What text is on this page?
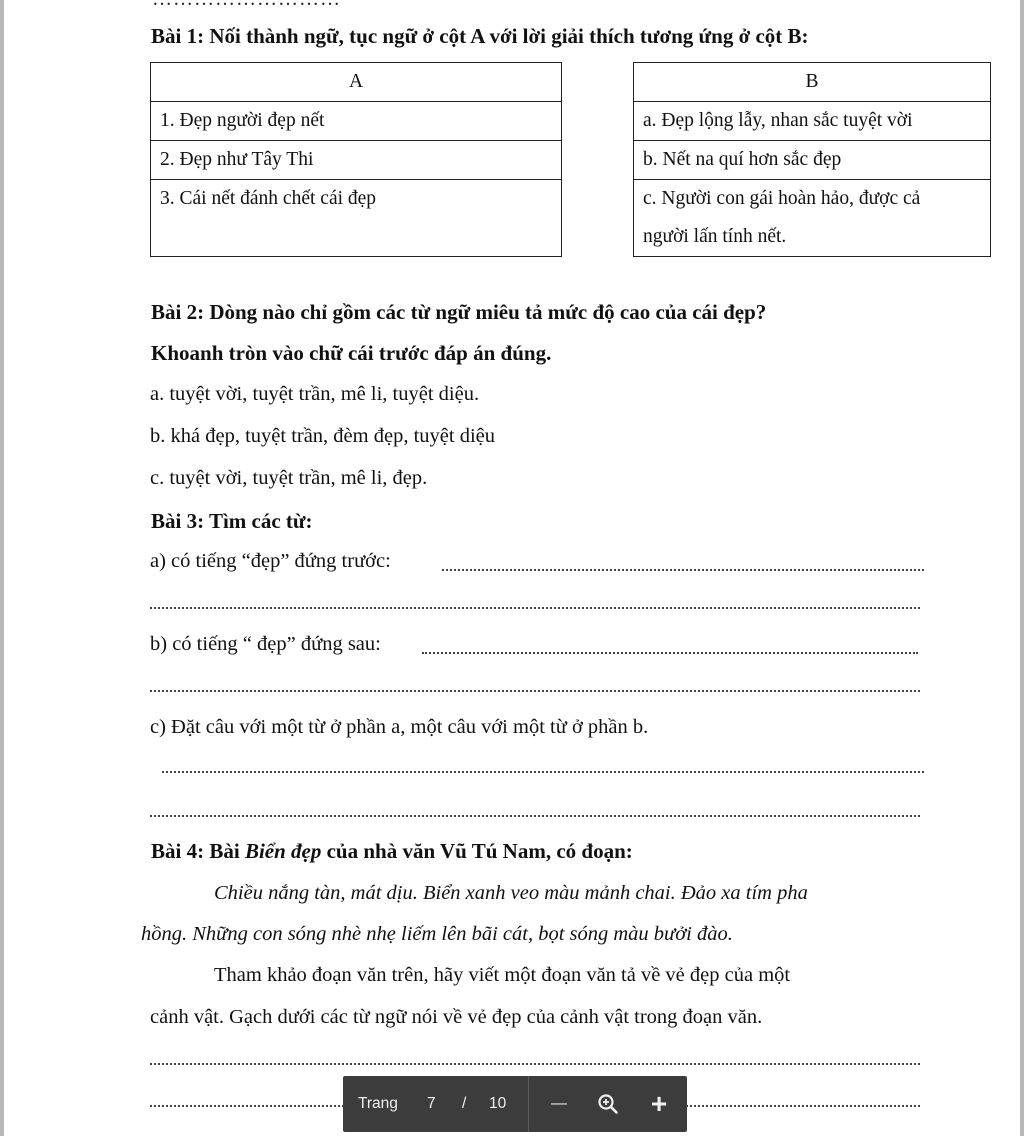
Bài 1: Nối thành ngữ, tục ngữ ở cột A với lời giải thích tương ứng ở cột B:
A
1. Đẹp người đẹp nết
2. Đẹp như Tây Thi
3. Cái nết đánh chết cái đẹp
B
a. Đẹp lộng lẫy, nhan sắc tuyệt vời
b. Nết na quí hơn sắc đẹp
c. Người con gái hoàn hảo, được cả
người lấn tính nết.
Bài 2: Dòng nào chỉ gồm các từ ngữ miêu tả mức độ cao của cái đẹp?
Khoanh tròn vào chữ cái trước đáp án đúng.
a. tuyệt vời, tuyệt trần, mê li, tuyệt diệu.
b. khá đẹp, tuyệt trần, đèm đẹp, tuyệt diệu
c. tuyệt vời, tuyệt trần, mê li, đẹp.
Bài 3: Tìm các từ:
a) có tiếng “đẹp” đứng trước:
b) có tiếng “ đẹp” đứng sau:
c) Đặt câu với một từ ở phần a, một câu với một từ ở phần b.
Bài 4: Bài Biển đẹp của nhà văn Vũ Tú Nam, có đoạn:
Chiều nắng tàn, mát dịu. Biển xanh veo màu mảnh chai. Đảo xa tím pha
hồng. Những con sóng nhè nhẹ liếm lên bãi cát, bọt sóng màu bưởi đào.
Tham khảo đoạn văn trên, hãy viết một đoạn văn tả về vẻ đẹp của một
cảnh vật. Gạch dưới các từ ngữ nói về vẻ đẹp của cảnh vật trong đoạn văn.
Trang 7 / 10	—	+
